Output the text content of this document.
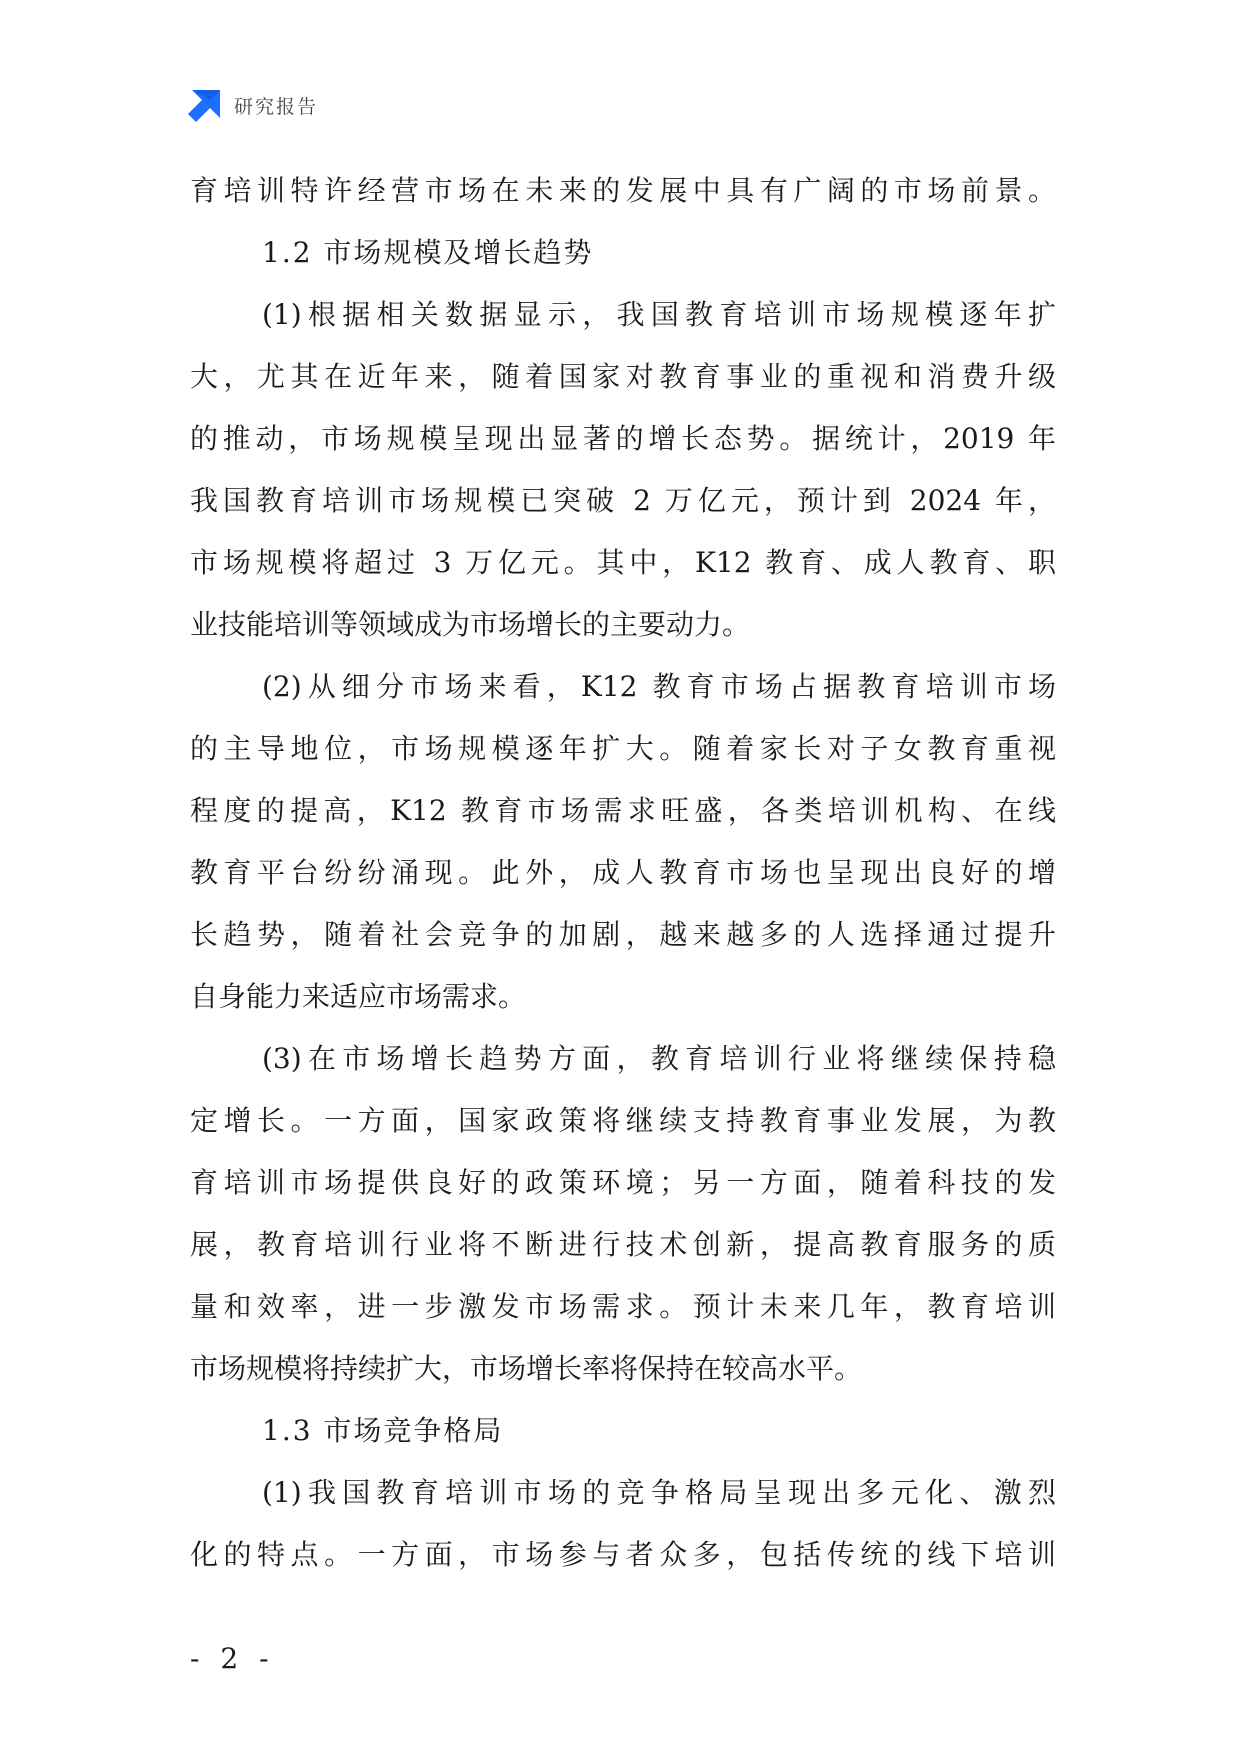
研究报告
育培训特许经营市场在未来的发展中具有广阔的市场前景。
1.2 市场规模及增长趋势
(1)根据相关数据显示，我国教育培训市场规模逐年扩
大，尤其在近年来，随着国家对教育事业的重视和消费升级
的推动，市场规模呈现出显著的增长态势。据统计，2019 年
我国教育培训市场规模已突破 2 万亿元，预计到 2024 年，
市场规模将超过 3 万亿元。其中，K12 教育、成人教育、职
业技能培训等领域成为市场增长的主要动力。
(2)从细分市场来看，K12 教育市场占据教育培训市场
的主导地位，市场规模逐年扩大。随着家长对子女教育重视
程度的提高，K12 教育市场需求旺盛，各类培训机构、在线
教育平台纷纷涌现。此外，成人教育市场也呈现出良好的增
长趋势，随着社会竞争的加剧，越来越多的人选择通过提升
自身能力来适应市场需求。
(3)在市场增长趋势方面，教育培训行业将继续保持稳
定增长。一方面，国家政策将继续支持教育事业发展，为教
育培训市场提供良好的政策环境；另一方面，随着科技的发
展，教育培训行业将不断进行技术创新，提高教育服务的质
量和效率，进一步激发市场需求。预计未来几年，教育培训
市场规模将持续扩大，市场增长率将保持在较高水平。
1.3 市场竞争格局
(1)我国教育培训市场的竞争格局呈现出多元化、激烈
化的特点。一方面，市场参与者众多，包括传统的线下培训
- 2 -
